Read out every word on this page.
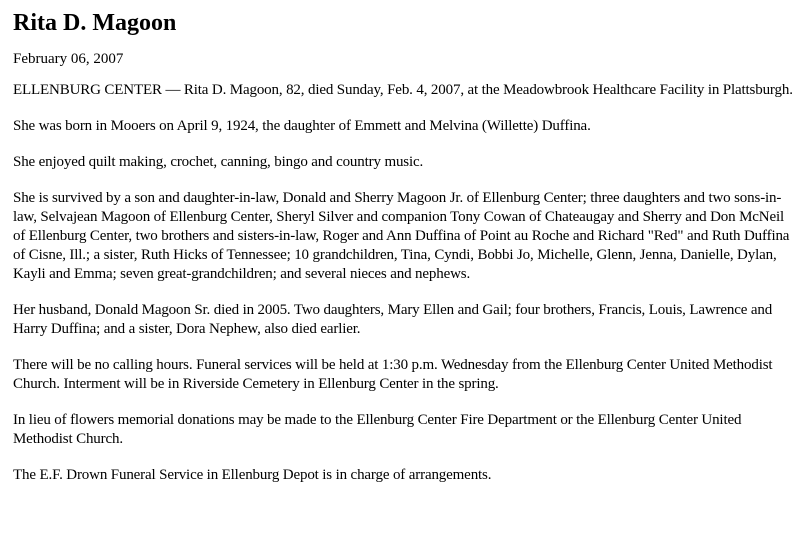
Rita D. Magoon
February 06, 2007

ELLENBURG CENTER — Rita D. Magoon, 82, died Sunday, Feb. 4, 2007, at the Meadowbrook Healthcare Facility in Plattsburgh.

She was born in Mooers on April 9, 1924, the daughter of Emmett and Melvina (Willette) Duffina.

She enjoyed quilt making, crochet, canning, bingo and country music.

She is survived by a son and daughter-in-law, Donald and Sherry Magoon Jr. of Ellenburg Center; three daughters and two sons-in-law, Selvajean Magoon of Ellenburg Center, Sheryl Silver and companion Tony Cowan of Chateaugay and Sherry and Don McNeil of Ellenburg Center, two brothers and sisters-in-law, Roger and Ann Duffina of Point au Roche and Richard "Red" and Ruth Duffina of Cisne, Ill.; a sister, Ruth Hicks of Tennessee; 10 grandchildren, Tina, Cyndi, Bobbi Jo, Michelle, Glenn, Jenna, Danielle, Dylan, Kayli and Emma; seven great-grandchildren; and several nieces and nephews.

Her husband, Donald Magoon Sr. died in 2005. Two daughters, Mary Ellen and Gail; four brothers, Francis, Louis, Lawrence and Harry Duffina; and a sister, Dora Nephew, also died earlier.

There will be no calling hours. Funeral services will be held at 1:30 p.m. Wednesday from the Ellenburg Center United Methodist Church. Interment will be in Riverside Cemetery in Ellenburg Center in the spring.

In lieu of flowers memorial donations may be made to the Ellenburg Center Fire Department or the Ellenburg Center United Methodist Church.

The E.F. Drown Funeral Service in Ellenburg Depot is in charge of arrangements.
